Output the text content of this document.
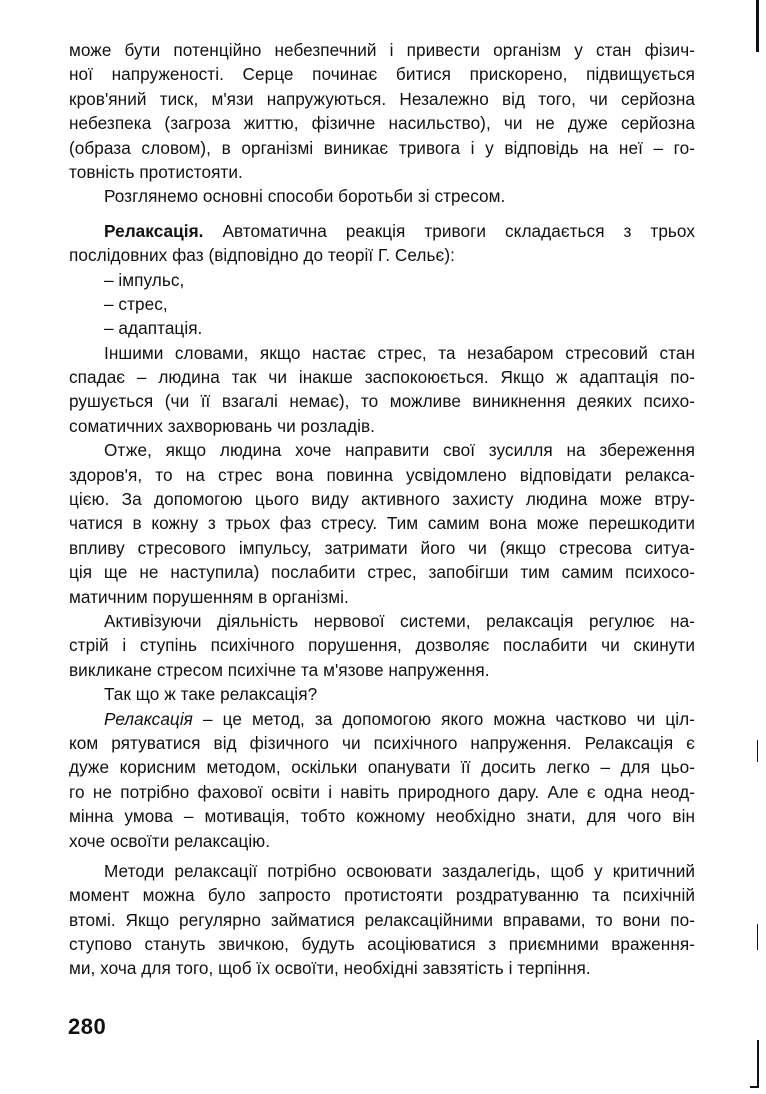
може бути потенційно небезпечний і привести організм у стан фізич-
ної напруженості. Серце починає битися прискорено, підвищується
кров'яний тиск, м'язи напружуються. Незалежно від того, чи серйозна
небезпека (загроза життю, фізичне насильство), чи не дуже серйозна
(образа словом), в організмі виникає тривога і у відповідь на неї – го-
товність протистояти.
Розглянемо основні способи боротьби зі стресом.
Релаксація. Автоматична реакція тривоги складається з трьох
послідовних фаз (відповідно до теорії Г. Сельє):
– імпульс,
– стрес,
– адаптація.
Іншими словами, якщо настає стрес, та незабаром стресовий стан
спадає – людина так чи інакше заспокоюється. Якщо ж адаптація по-
рушується (чи її взагалі немає), то можливе виникнення деяких психо-
соматичних захворювань чи розладів.
Отже, якщо людина хоче направити свої зусилля на збереження
здоров'я, то на стрес вона повинна усвідомлено відповідати релакса-
цією. За допомогою цього виду активного захисту людина може втру-
чатися в кожну з трьох фаз стресу. Тим самим вона може перешкодити
впливу стресового імпульсу, затримати його чи (якщо стресова ситуа-
ція ще не наступила) послабити стрес, запобігши тим самим психосо-
матичним порушенням в організмі.
Активізуючи діяльність нервової системи, релаксація регулює на-
стрій і ступінь психічного порушення, дозволяє послабити чи скинути
викликане стресом психічне та м'язове напруження.
Так що ж таке релаксація?
Релаксація – це метод, за допомогою якого можна частково чи ціл-
ком рятуватися від фізичного чи психічного напруження. Релаксація є
дуже корисним методом, оскільки опанувати її досить легко – для цьо-
го не потрібно фахової освіти і навіть природного дару. Але є одна неод-
мінна умова – мотивація, тобто кожному необхідно знати, для чого він
хоче освоїти релаксацію.
Методи релаксації потрібно освоювати заздалегідь, щоб у критичний
момент можна було запросто протистояти роздратуванню та психічній
втомі. Якщо регулярно займатися релаксаційними вправами, то вони по-
ступово стануть звичкою, будуть асоціюватися з приємними враження-
ми, хоча для того, щоб їх освоїти, необхідні завзятість і терпіння.
280
